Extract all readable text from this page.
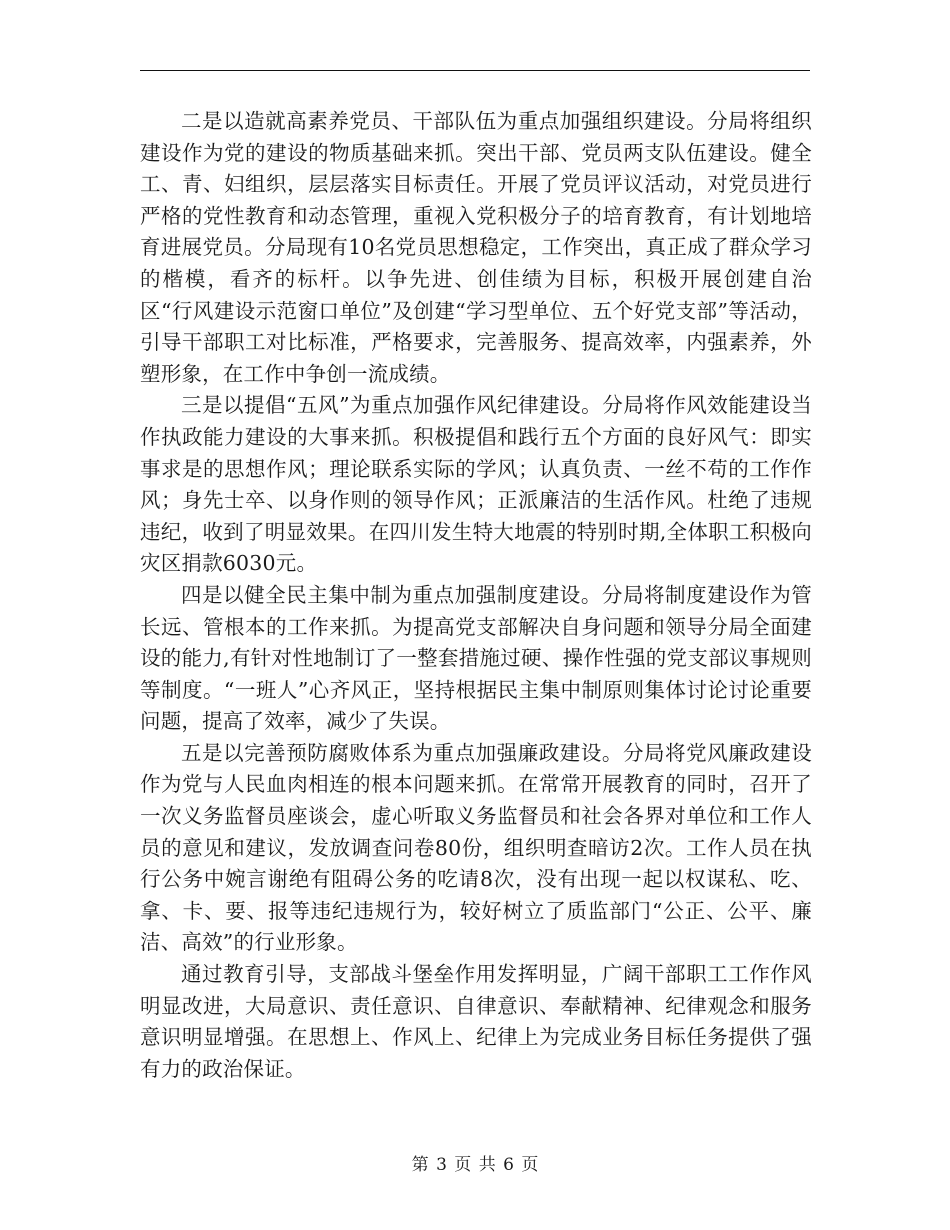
二是以造就高素养党员、干部队伍为重点加强组织建设。分局将组织建设作为党的建设的物质基础来抓。突出干部、党员两支队伍建设。健全工、青、妇组织，层层落实目标责任。开展了党员评议活动，对党员进行严格的党性教育和动态管理，重视入党积极分子的培育教育，有计划地培育进展党员。分局现有10名党员思想稳定，工作突出，真正成了群众学习的楷模，看齐的标杆。以争先进、创佳绩为目标，积极开展创建自治区“行风建设示范窗口单位”及创建“学习型单位、五个好党支部”等活动，引导干部职工对比标准，严格要求，完善服务、提高效率，内强素养，外塑形象，在工作中争创一流成绩。

三是以提倡“五风”为重点加强作风纪律建设。分局将作风效能建设当作执政能力建设的大事来抓。积极提倡和践行五个方面的良好风气：即实事求是的思想作风；理论联系实际的学风；认真负责、一丝不苟的工作作风；身先士卒、以身作则的领导作风；正派廉洁的生活作风。杜绝了违规违纪，收到了明显效果。在四川发生特大地震的特别时期,全体职工积极向灾区捐款6030元。

四是以健全民主集中制为重点加强制度建设。分局将制度建设作为管长远、管根本的工作来抓。为提高党支部解决自身问题和领导分局全面建设的能力,有针对性地制订了一整套措施过硬、操作性强的党支部议事规则等制度。“一班人”心齐风正，坚持根据民主集中制原则集体讨论讨论重要问题，提高了效率，减少了失误。

五是以完善预防腐败体系为重点加强廉政建设。分局将党风廉政建设作为党与人民血肉相连的根本问题来抓。在常常开展教育的同时，召开了一次义务监督员座谈会，虚心听取义务监督员和社会各界对单位和工作人员的意见和建议，发放调查问卷80份，组织明查暗访2次。工作人员在执行公务中婉言谢绝有阻碍公务的吃请8次，没有出现一起以权谋私、吃、拿、卡、要、报等违纪违规行为，较好树立了质监部门“公正、公平、廉洁、高效”的行业形象。

通过教育引导，支部战斗堡垒作用发挥明显，广阔干部职工工作作风明显改进，大局意识、责任意识、自律意识、奉献精神、纪律观念和服务意识明显增强。在思想上、作风上、纪律上为完成业务目标任务提供了强有力的政治保证。

第 3 页 共 6 页
